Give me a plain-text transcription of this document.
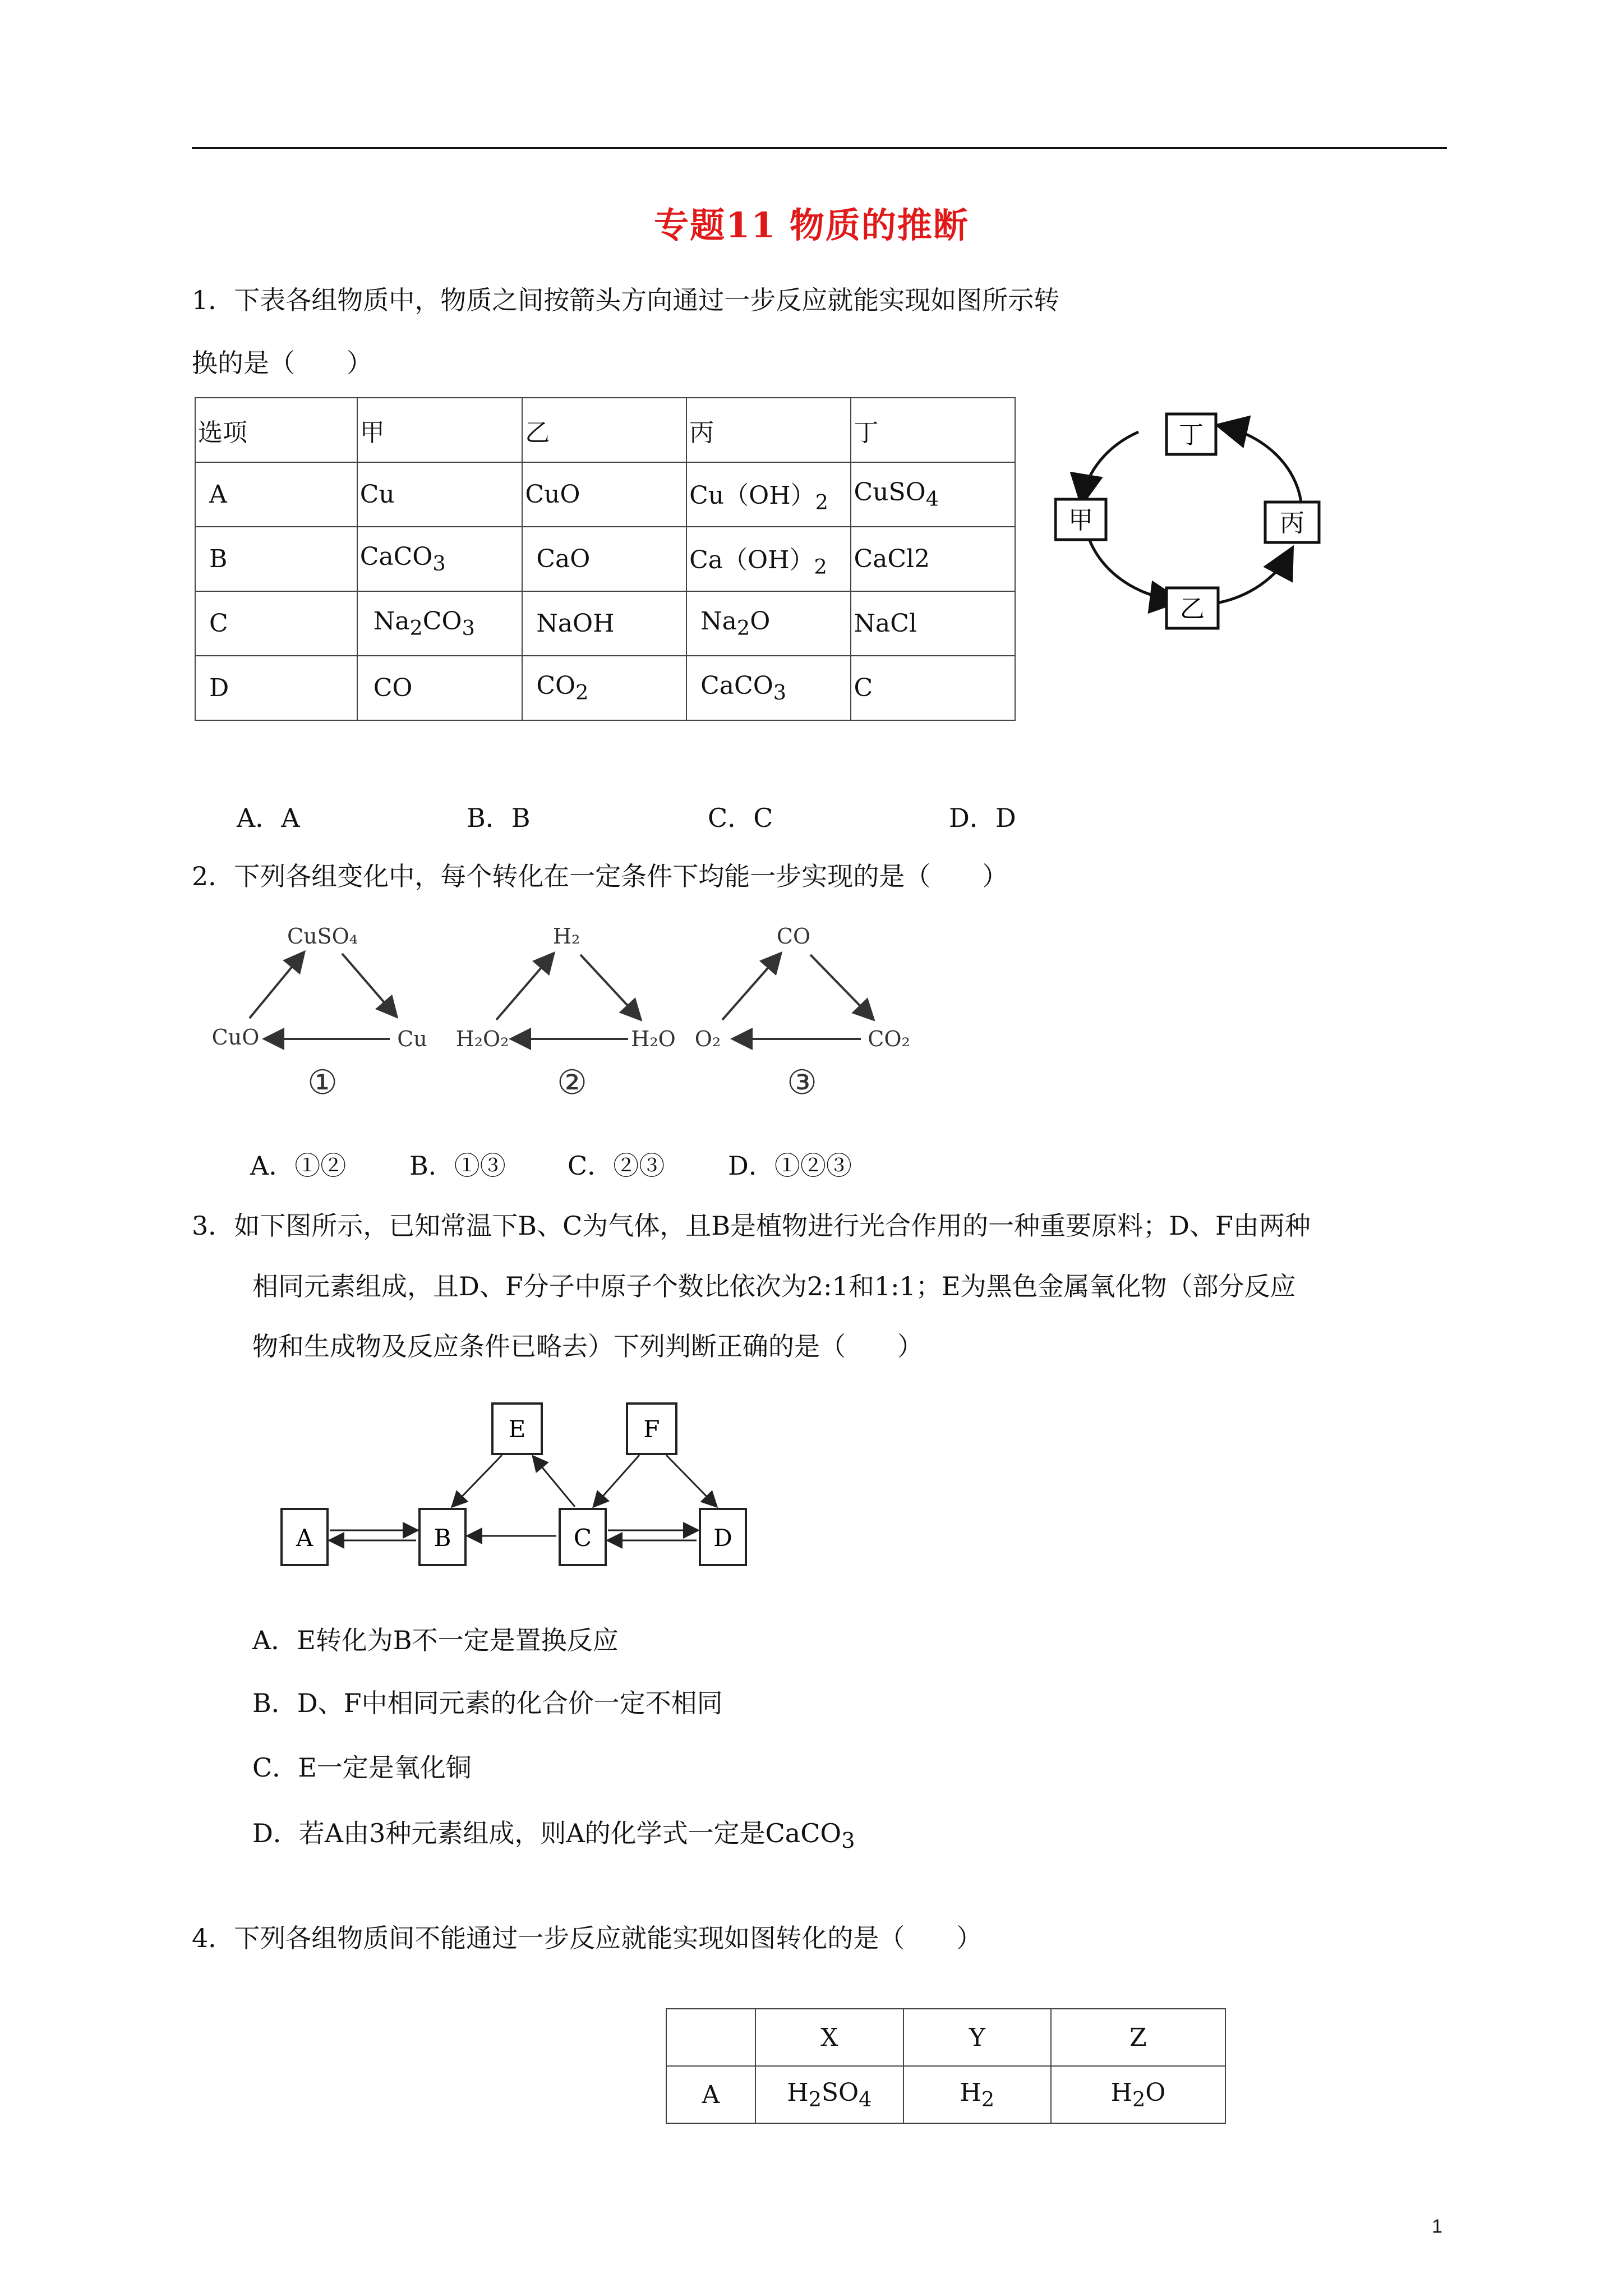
专题11 物质的推断
1．下表各组物质中，物质之间按箭头方向通过一步反应就能实现如图所示转
换的是（　　）
选项	甲	乙	丙	丁
A	Cu	CuO	$Cu(OH)_2$	CuSO$_4$
B	CaCO$_3$	CaO	$Ca(OH)_2$	CaCl2
C	$Na_2CO_3$	NaOH	$Na_2O$	NaCl
D	CO	$CO_2$	CaCO$_3$	C
丁
甲	丙
乙
A．A	B．B	C．C	D．D
2．下列各组变化中，每个转化在一定条件下均能一步实现的是（　　）
CuSO₄
CuO	Cu
①
H₂
H₂O₂	H₂O
②
CO
O₂	CO₂
③
A．①② B．①③ C．②③ D．①②③
3．如下图所示，已知常温下B、C为气体，且B是植物进行光合作用的一种重要原料；D、F由两种
相同元素组成，且D、F分子中原子个数比依次为2:1和1:1；E为黑色金属氧化物（部分反应
物和生成物及反应条件已略去）下列判断正确的是（　　）
E	F
A	B	C	D
A．E转化为B不一定是置换反应
B．D、F中相同元素的化合价一定不相同
C．E一定是氧化铜
D．若A由3种元素组成，则A的化学式一定是CaCO$_3$
4．下列各组物质间不能通过一步反应就能实现如图转化的是（　　）
	X	Y	Z
A	$H_2SO_4$	$H_2$	$H_2O$
1
